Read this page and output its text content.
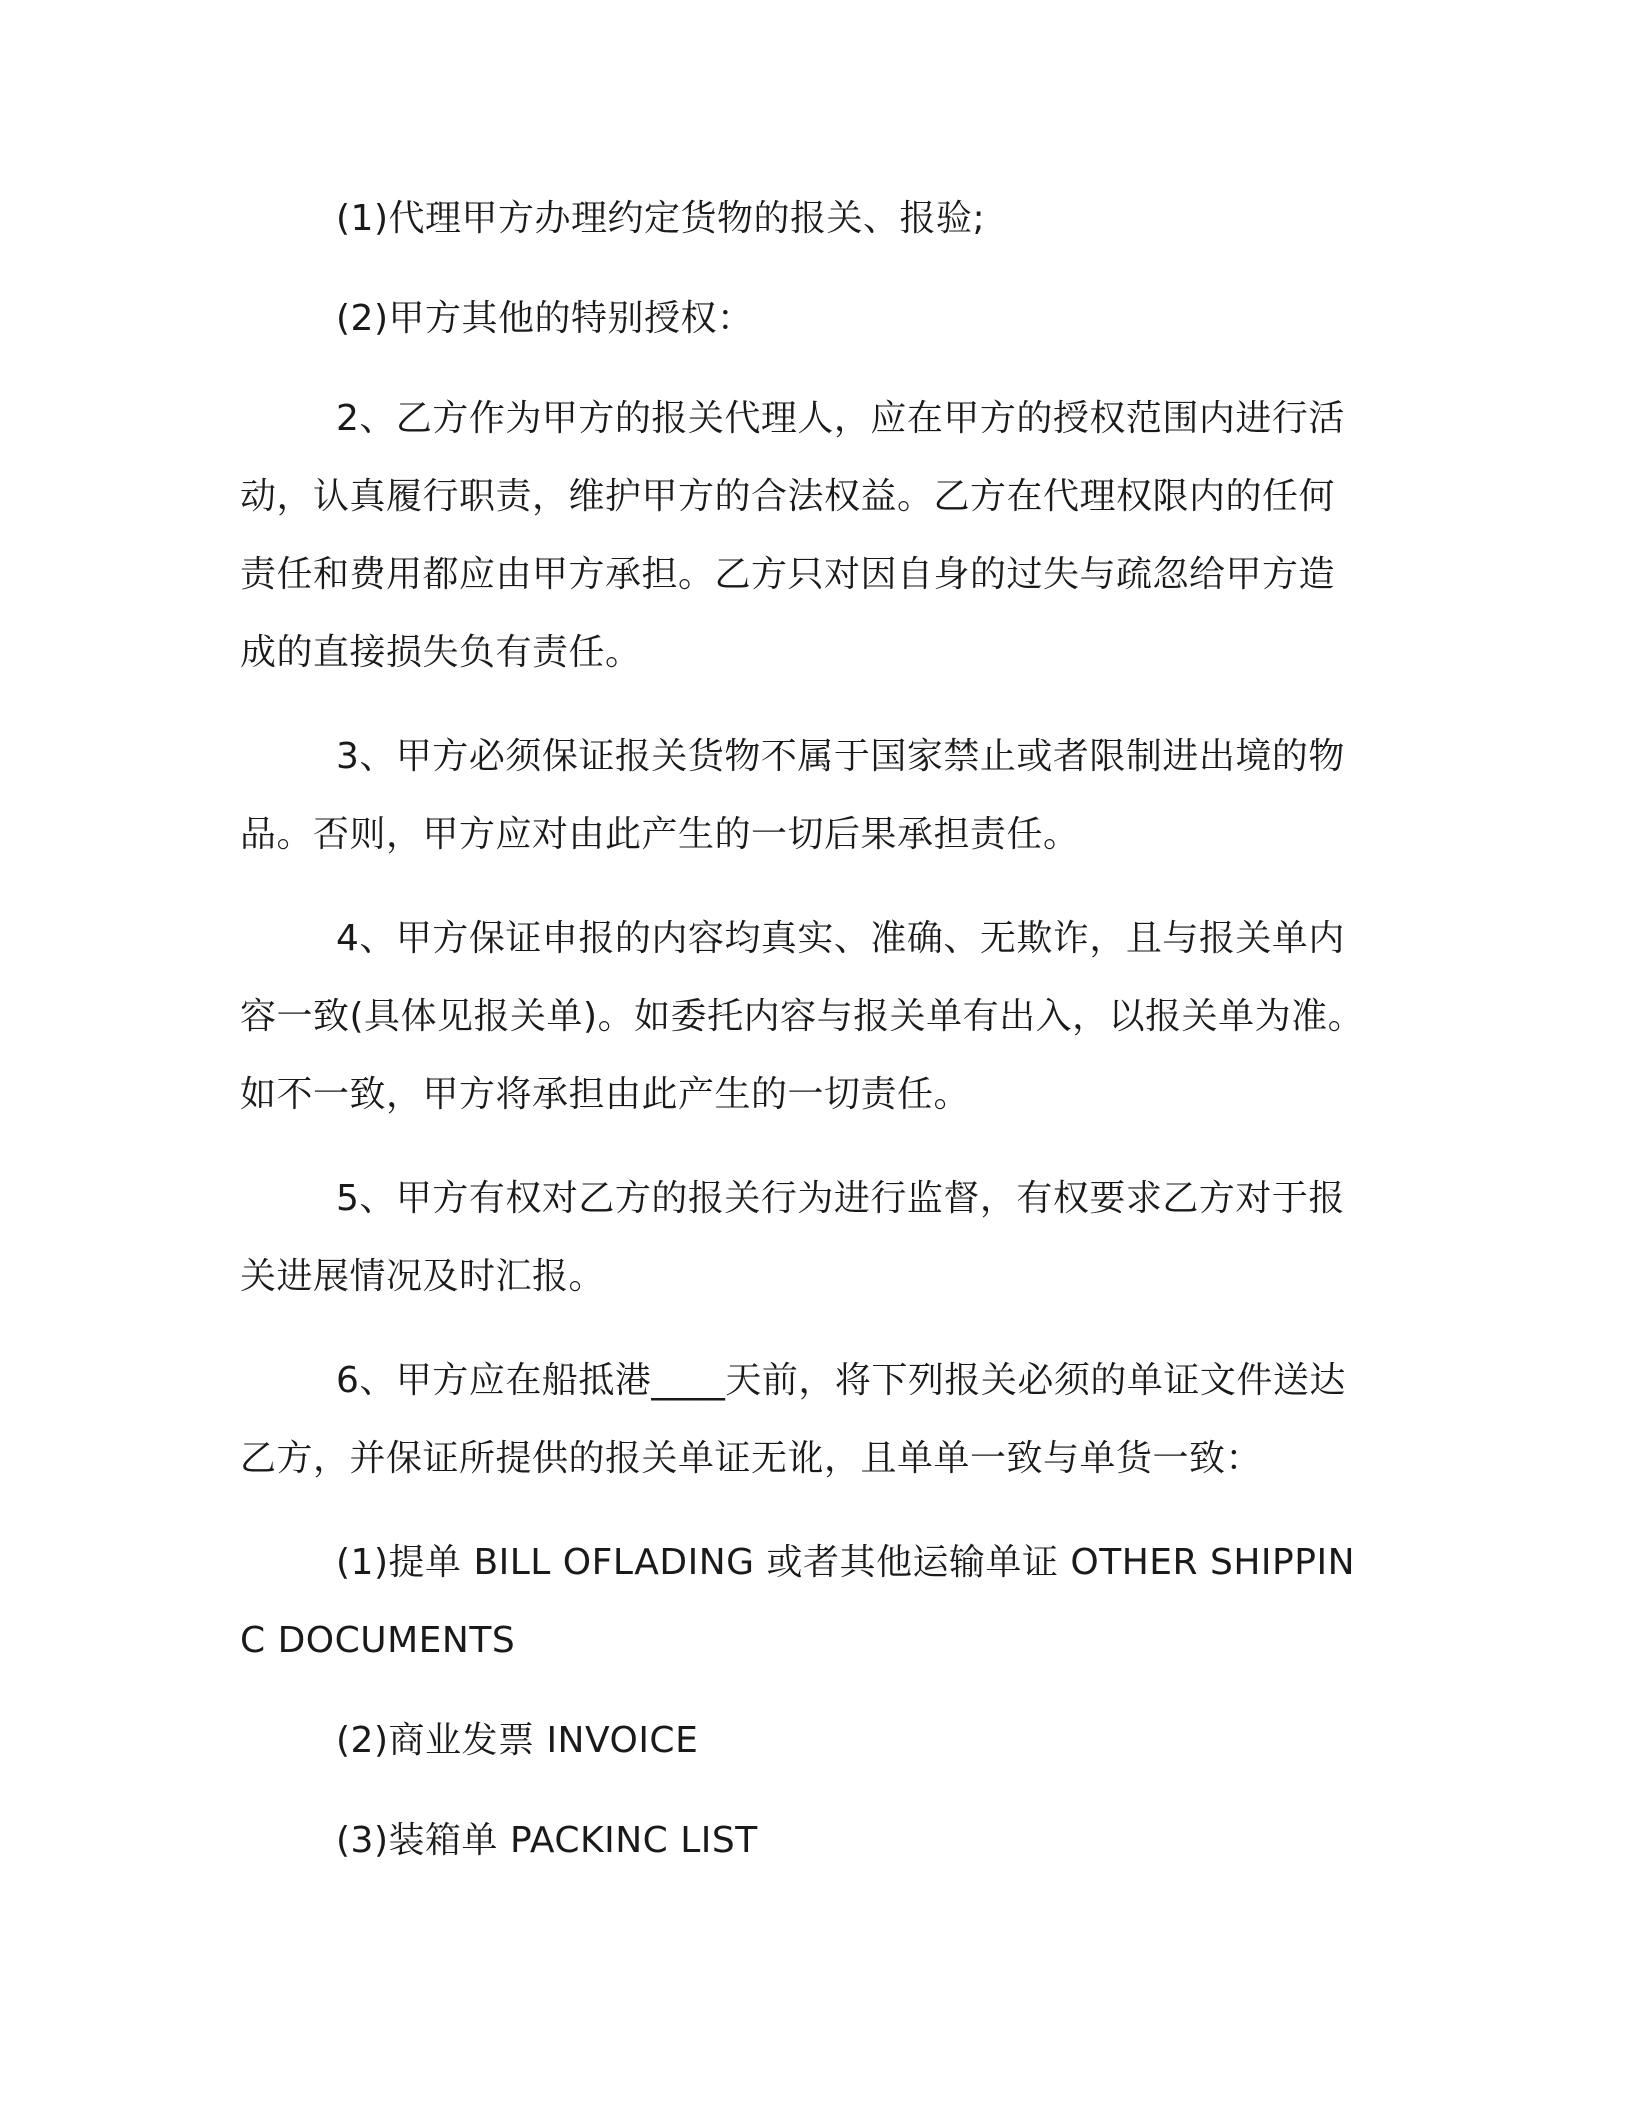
(1)代理甲方办理约定货物的报关、报验;

(2)甲方其他的特别授权：

2、乙方作为甲方的报关代理人，应在甲方的授权范围内进行活动，认真履行职责，维护甲方的合法权益。乙方在代理权限内的任何责任和费用都应由甲方承担。乙方只对因自身的过失与疏忽给甲方造成的直接损失负有责任。

3、甲方必须保证报关货物不属于国家禁止或者限制进出境的物品。否则，甲方应对由此产生的一切后果承担责任。

4、甲方保证申报的内容均真实、准确、无欺诈，且与报关单内容一致(具体见报关单)。如委托内容与报关单有出入，以报关单为准。如不一致，甲方将承担由此产生的一切责任。

5、甲方有权对乙方的报关行为进行监督，有权要求乙方对于报关进展情况及时汇报。

6、甲方应在船抵港____天前，将下列报关必须的单证文件送达乙方，并保证所提供的报关单证无讹，且单单一致与单货一致：

(1)提单 BILL OFLADING 或者其他运输单证 OTHER SHIPPINC DOCUMENTS

(2)商业发票 INVOICE

(3)装箱单 PACKINC LIST
